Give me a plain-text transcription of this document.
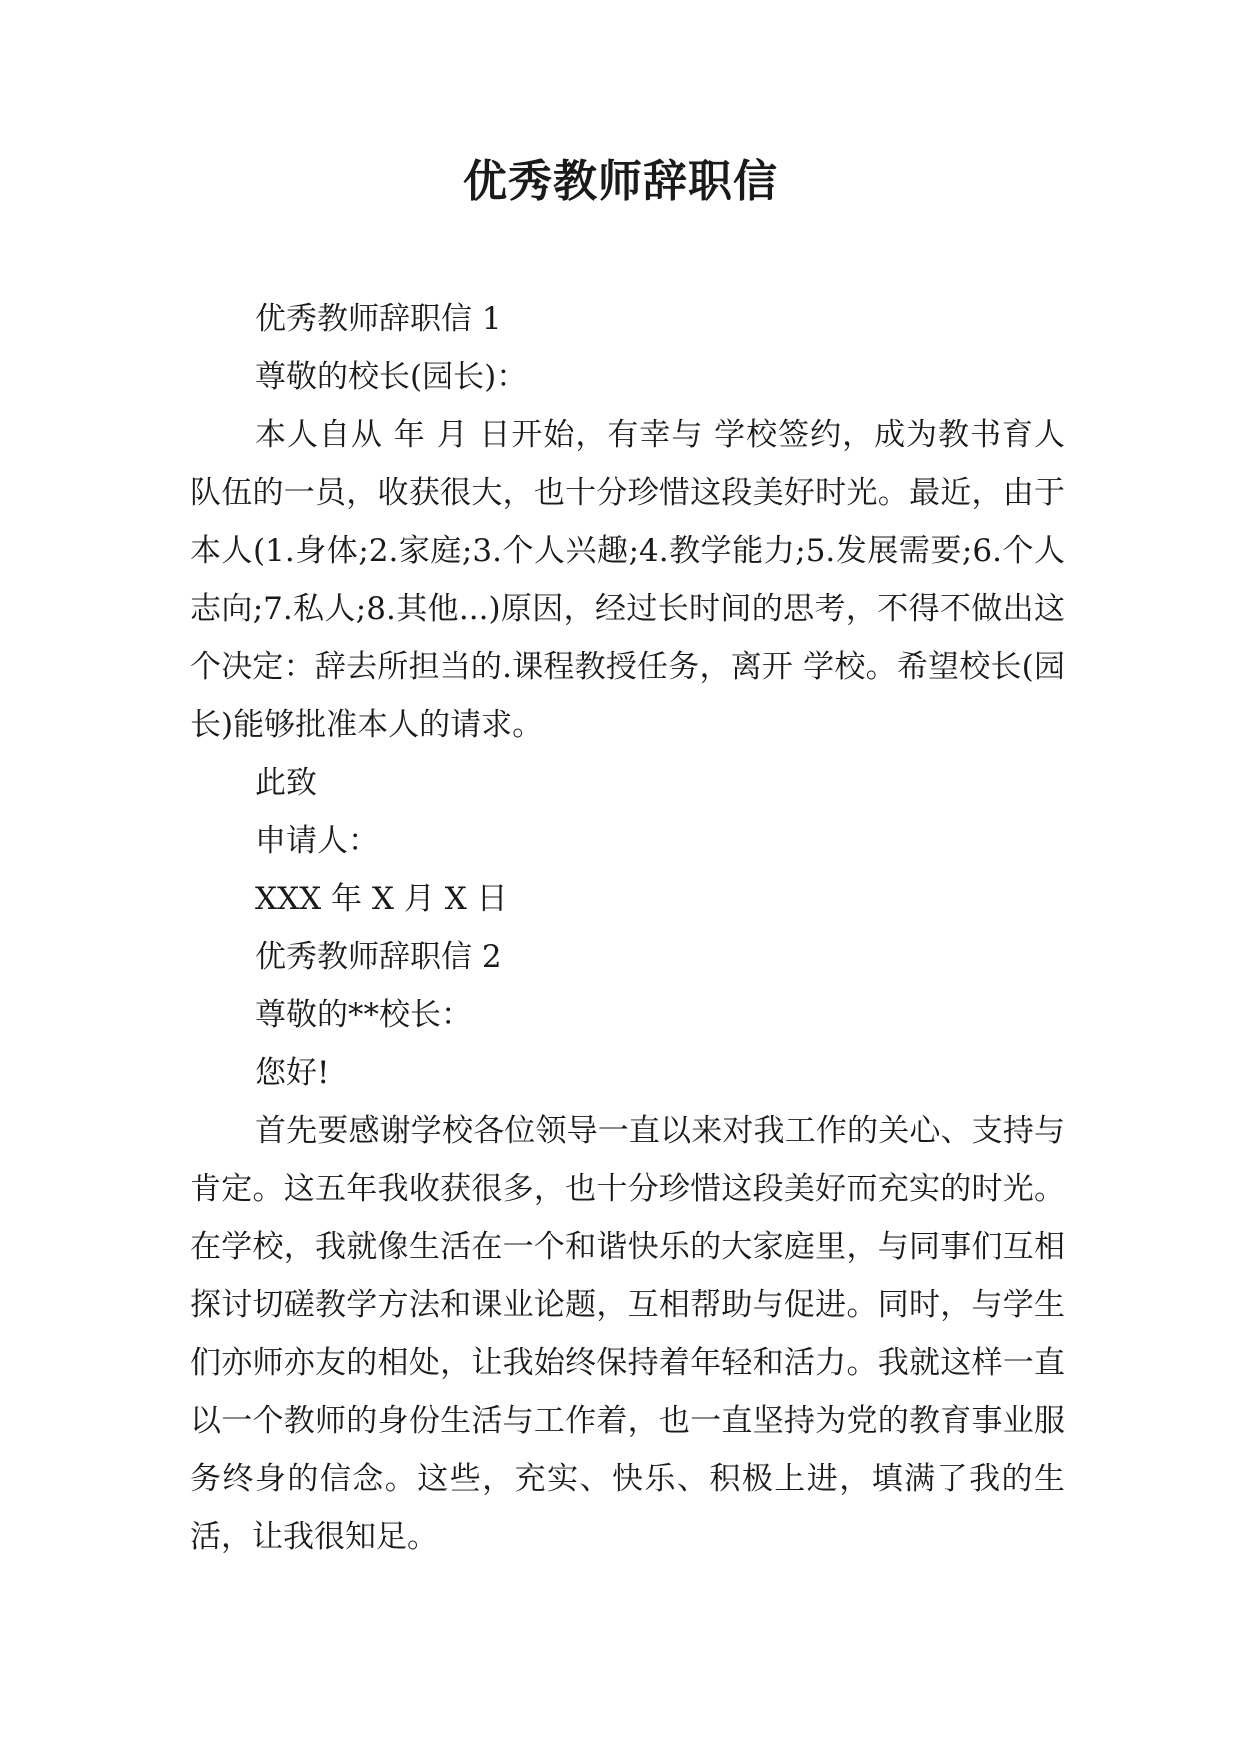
优秀教师辞职信

优秀教师辞职信 1

尊敬的校长(园长)：

本人自从 年 月 日开始，有幸与 学校签约，成为教书育人队伍的一员，收获很大，也十分珍惜这段美好时光。最近，由于本人(1.身体;2.家庭;3.个人兴趣;4.教学能力;5.发展需要;6.个人志向;7.私人;8.其他...)原因，经过长时间的思考，不得不做出这个决定：辞去所担当的.课程教授任务，离开 学校。希望校长(园长)能够批准本人的请求。

此致

申请人：

XXX 年 X 月 X 日

优秀教师辞职信 2

尊敬的**校长：

您好!

首先要感谢学校各位领导一直以来对我工作的关心、支持与肯定。这五年我收获很多，也十分珍惜这段美好而充实的时光。在学校，我就像生活在一个和谐快乐的大家庭里，与同事们互相探讨切磋教学方法和课业论题，互相帮助与促进。同时，与学生们亦师亦友的相处，让我始终保持着年轻和活力。我就这样一直以一个教师的身份生活与工作着，也一直坚持为党的教育事业服务终身的信念。这些，充实、快乐、积极上进，填满了我的生活，让我很知足。
